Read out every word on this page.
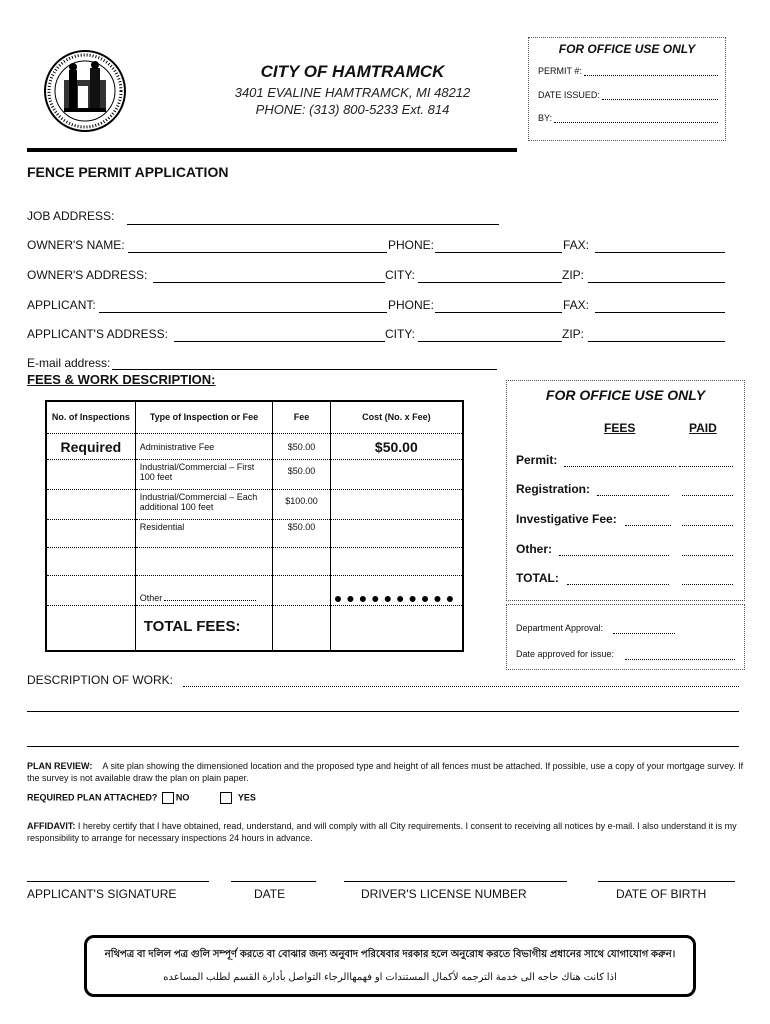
CITY OF HAMTRAMCK
3401 EVALINE HAMTRAMCK, MI 48212
PHONE: (313) 800-5233 Ext. 814
FOR OFFICE USE ONLY
PERMIT #:
DATE ISSUED:
BY:
FENCE PERMIT APPLICATION
JOB ADDRESS:
OWNER'S NAME:	PHONE:	FAX:
OWNER'S ADDRESS:	CITY:	ZIP:
APPLICANT:	PHONE:	FAX:
APPLICANT'S ADDRESS:	CITY:	ZIP:
E-mail address:
FEES & WORK DESCRIPTION:
No. of Inspections	Type of Inspection or Fee	Fee	Cost (No. x Fee)
Required	Administrative Fee	$50.00	$50.00
	Industrial/Commercial – First 100 feet	$50.00	
	Industrial/Commercial – Each additional 100 feet	$100.00	
	Residential	$50.00	

	Other		

	TOTAL FEES:		
FOR OFFICE USE ONLY
FEES	PAID
Permit:
Registration:
Investigative Fee:
Other:
TOTAL:
Department Approval:
Date approved for issue:
DESCRIPTION OF WORK:
PLAN REVIEW: A site plan showing the dimensioned location and the proposed type and height of all fences must be attached. If possible, use a copy of your mortgage survey. If the survey is not available draw the plan on plain paper.
REQUIRED PLAN ATTACHED? NO	YES
AFFIDAVIT: I hereby certify that I have obtained, read, understand, and will comply with all City requirements. I consent to receiving all notices by e-mail. I also understand it is my responsibility to arrange for necessary inspections 24 hours in advance.
APPLICANT'S SIGNATURE	DATE	DRIVER'S LICENSE NUMBER	DATE OF BIRTH
নথিপত্র বা দলিল পত্র গুলি সম্পূর্ণ করতে বা বোঝার জন্য অনুবাদ পরিষেবার দরকার হলে অনুরোধ করতে বিভাগীয় প্রধানের সাথে যোগাযোগ করুন।
اذا كانت هناك حاجه الى خدمة الترجمه لأكمال المستندات او فهمهاالرجاء التواصل بأدارة القسم لطلب المساعده
